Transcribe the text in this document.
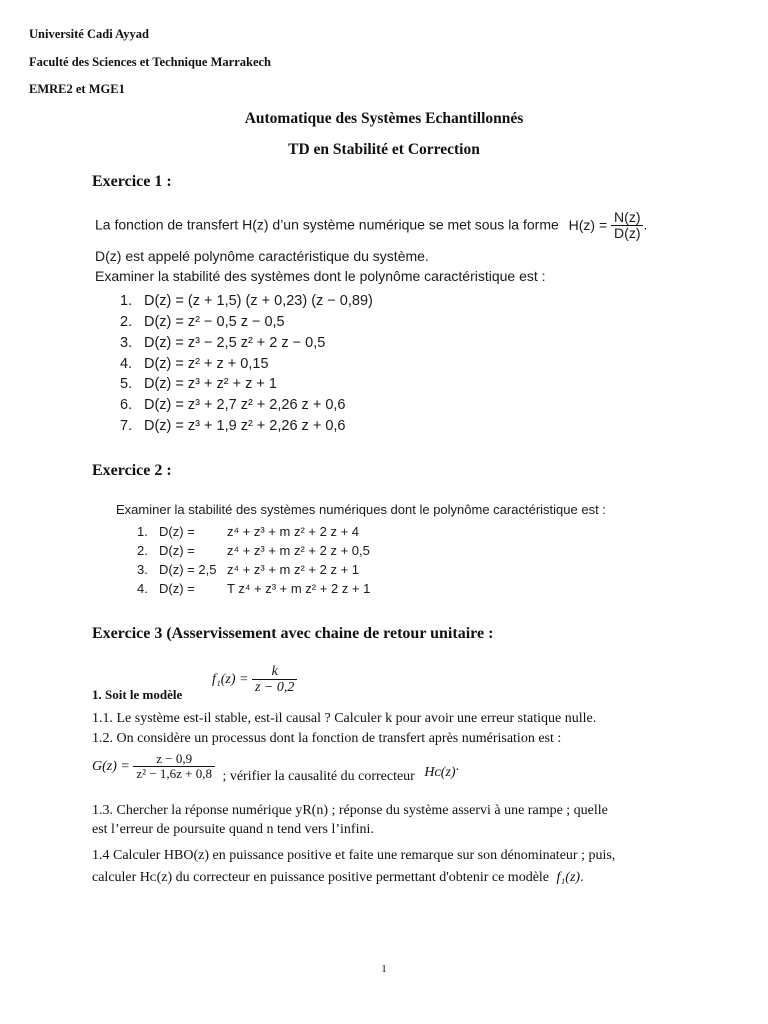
Université Cadi Ayyad
Faculté des Sciences et Technique Marrakech
EMRE2 et MGE1
Automatique des Systèmes Echantillonnés
TD en Stabilité et Correction
Exercice 1 :
La fonction de transfert H(z) d’un système numérique se met sous la forme $H(z) = \frac{N(z)}{D(z)}$ .
D(z) est appelé polynôme caractéristique du système.
Examiner la stabilité des systèmes dont le polynôme caractéristique est :
1. D(z) = (z + 1,5) (z + 0,23) (z − 0,89)
2. D(z) = z² − 0,5 z − 0,5
3. D(z) = z³ − 2,5 z² + 2 z − 0,5
4. D(z) = z² + z + 0,15
5. D(z) = z³ + z² + z + 1
6. D(z) = z³ + 2,7 z² + 2,26 z + 0,6
7. D(z) = z³ + 1,9 z² + 2,26 z + 0,6
Exercice 2 :
Examiner la stabilité des systèmes numériques dont le polynôme caractéristique est :
1. D(z) = z⁴ + z³ + m z² + 2 z + 4
2. D(z) = z⁴ + z³ + m z² + 2 z + 0,5
3. D(z) = 2,5 z⁴ + z³ + m z² + 2 z + 1
4. D(z) = T z⁴ + z³ + m z² + 2 z + 1
Exercice 3 (Asservissement avec chaine de retour unitaire :
1. Soit le modèle
$f_1(z) = \frac{k}{z - 0,2}$
1.1. Le système est-il stable, est-il causal ? Calculer k pour avoir une erreur statique nulle.
1.2. On considère un processus dont la fonction de transfert après numérisation est :
$G(z) = \frac{z - 0,9}{\text{z² − 1,6z + 0,8}}$ ; vérifier la causalité du correcteur Hᴄ(z).
1.3. Chercher la réponse numérique yR(n) ; réponse du système asservi à une rampe ; quelle
est l’erreur de poursuite quand n tend vers l’infini.
1.4 Calculer HBO(z) en puissance positive et faite une remarque sur son dénominateur ; puis,
calculer Hᴄ(z) du correcteur en puissance positive permettant d'obtenir ce modèle f₁(z).
1
